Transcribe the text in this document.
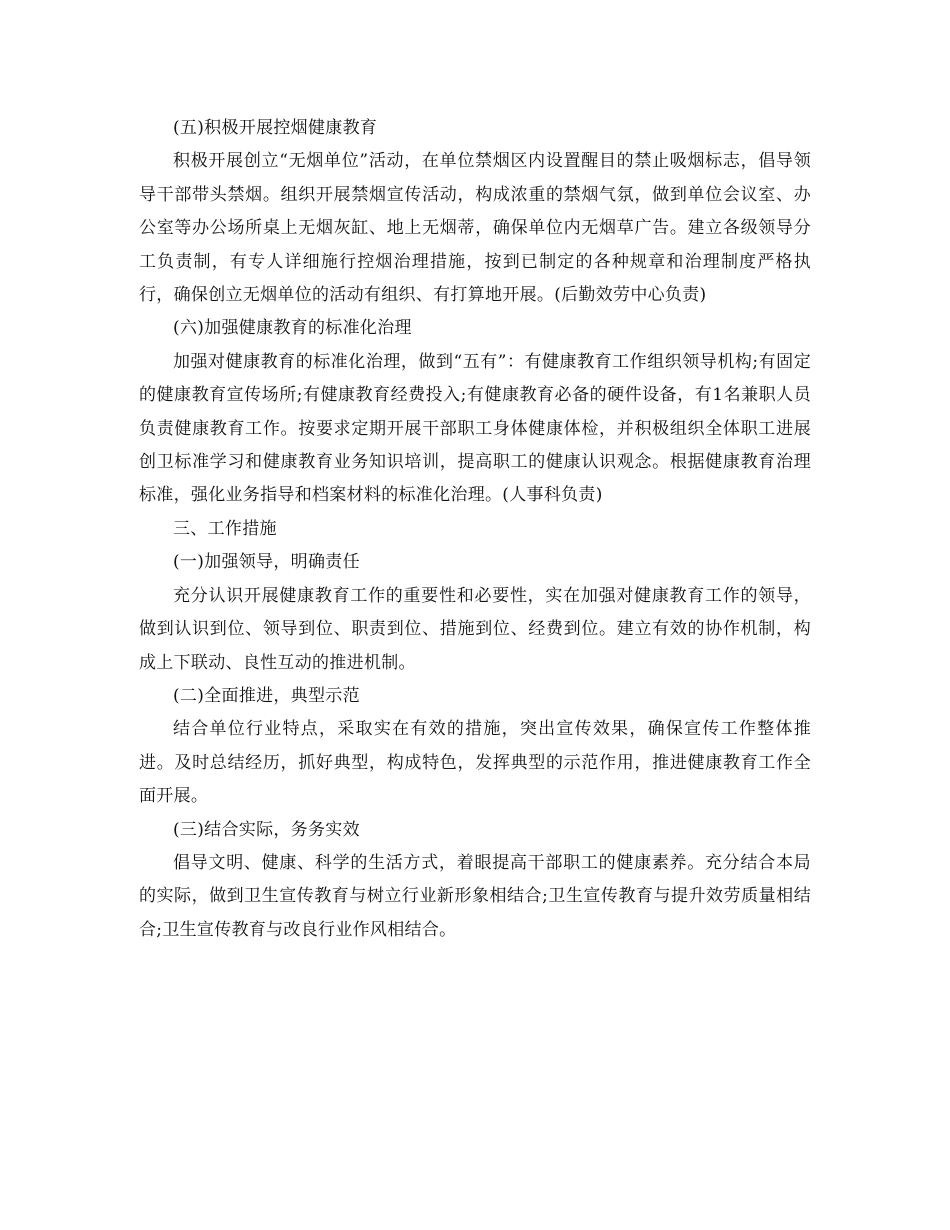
(五)积极开展控烟健康教育

积极开展创立“无烟单位”活动，在单位禁烟区内设置醒目的禁止吸烟标志，倡导领导干部带头禁烟。组织开展禁烟宣传活动，构成浓重的禁烟气氛，做到单位会议室、办公室等办公场所桌上无烟灰缸、地上无烟蒂，确保单位内无烟草广告。建立各级领导分工负责制，有专人详细施行控烟治理措施，按到已制定的各种规章和治理制度严格执行，确保创立无烟单位的活动有组织、有打算地开展。(后勤效劳中心负责)

(六)加强健康教育的标准化治理

加强对健康教育的标准化治理，做到“五有”：有健康教育工作组织领导机构;有固定的健康教育宣传场所;有健康教育经费投入;有健康教育必备的硬件设备，有1名兼职人员负责健康教育工作。按要求定期开展干部职工身体健康体检，并积极组织全体职工进展创卫标准学习和健康教育业务知识培训，提高职工的健康认识观念。根据健康教育治理标准，强化业务指导和档案材料的标准化治理。(人事科负责)

三、工作措施

(一)加强领导，明确责任

充分认识开展健康教育工作的重要性和必要性，实在加强对健康教育工作的领导，做到认识到位、领导到位、职责到位、措施到位、经费到位。建立有效的协作机制，构成上下联动、良性互动的推进机制。

(二)全面推进，典型示范

结合单位行业特点，采取实在有效的措施，突出宣传效果，确保宣传工作整体推进。及时总结经历，抓好典型，构成特色，发挥典型的示范作用，推进健康教育工作全面开展。

(三)结合实际，务务实效

倡导文明、健康、科学的生活方式，着眼提高干部职工的健康素养。充分结合本局的实际，做到卫生宣传教育与树立行业新形象相结合;卫生宣传教育与提升效劳质量相结合;卫生宣传教育与改良行业作风相结合。
